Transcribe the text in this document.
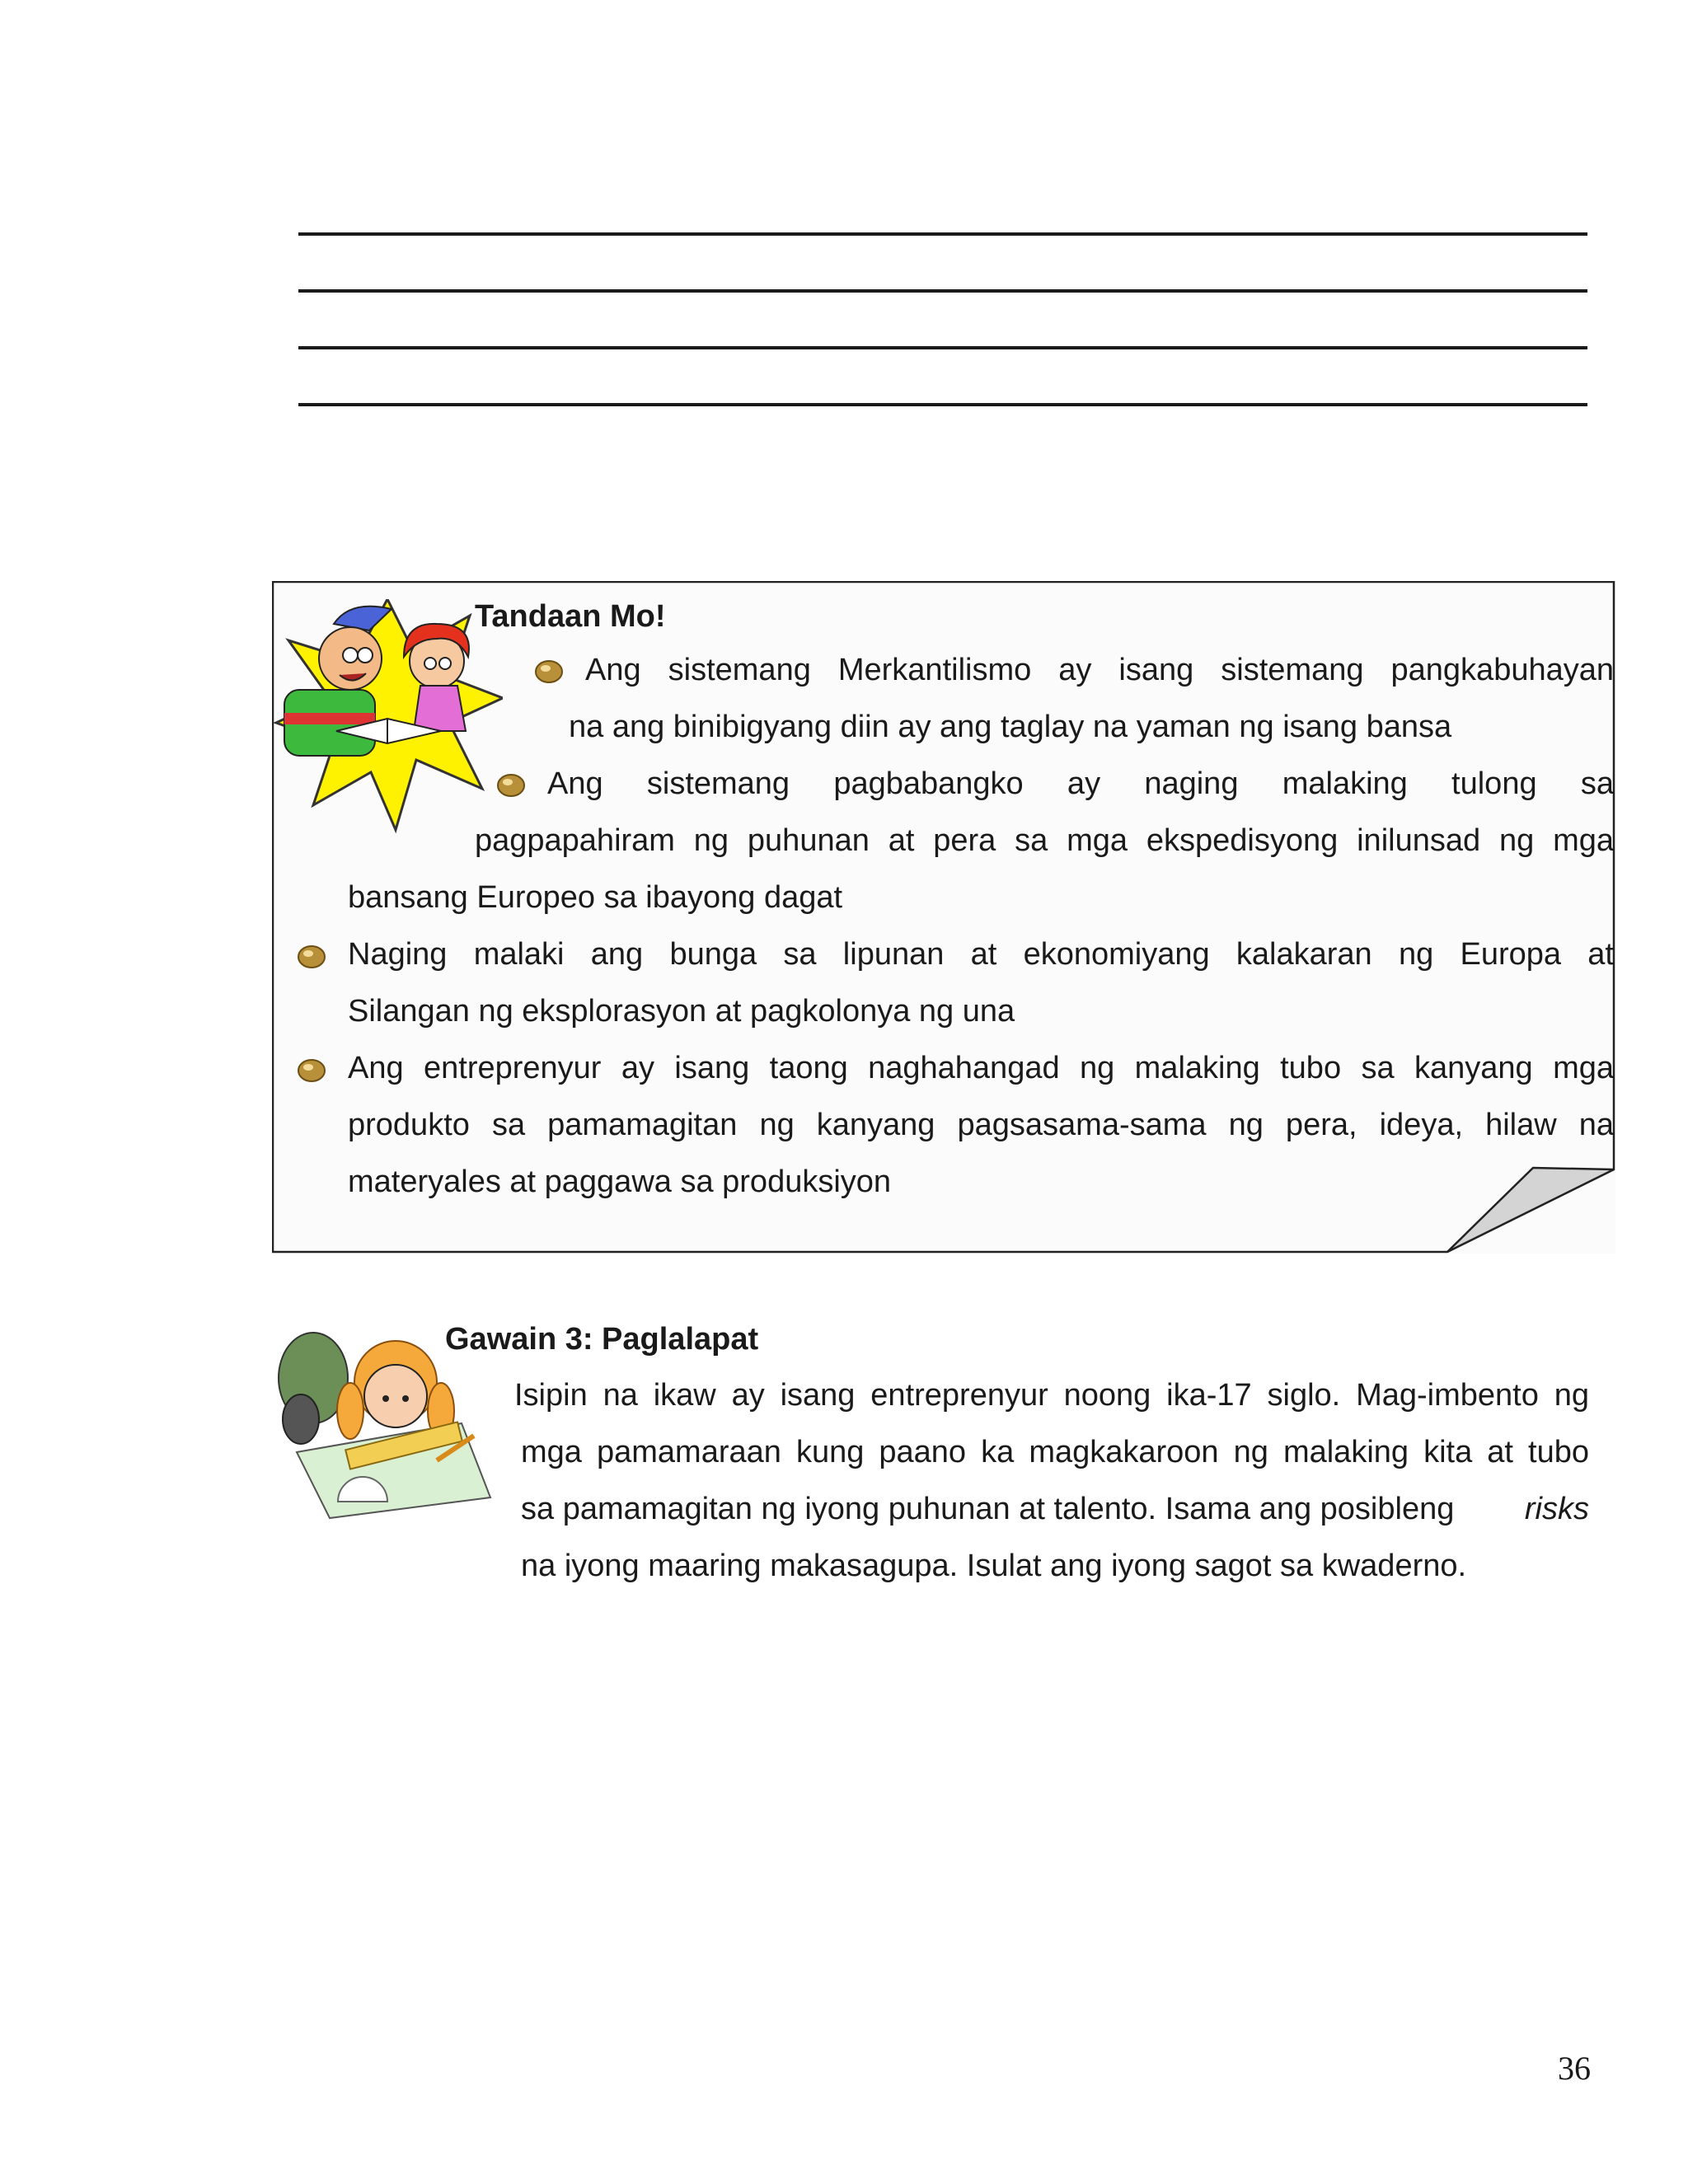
Tandaan Mo!
Ang sistemang Merkantilismo ay isang sistemang pangkabuhayan
na ang binibigyang diin ay ang taglay na yaman ng isang bansa
Ang sistemang pagbabangko ay naging malaking tulong sa
pagpapahiram ng puhunan at pera sa mga ekspedisyong inilunsad ng mga
bansang Europeo sa ibayong dagat
Naging malaki ang bunga sa lipunan at ekonomiyang kalakaran ng Europa at
Silangan ng eksplorasyon at pagkolonya ng una
Ang entreprenyur ay isang taong naghahangad ng malaking tubo sa kanyang mga
produkto sa pamamagitan ng kanyang pagsasama-sama ng pera, ideya, hilaw na
materyales at paggawa sa produksiyon
Gawain 3: Paglalapat
Isipin na ikaw ay isang entreprenyur noong ika-17 siglo. Mag-imbento ng
mga pamamaraan kung paano ka magkakaroon ng malaking kita at tubo
sa pamamagitan ng iyong puhunan at talento. Isama ang posibleng risks
na iyong maaring makasagupa. Isulat ang iyong sagot sa kwaderno.
36
